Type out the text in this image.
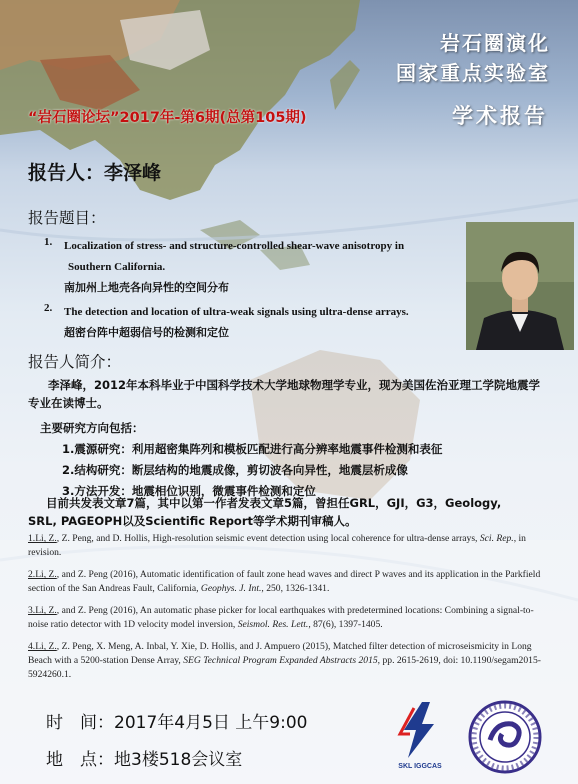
岩石圈演化
国家重点实验室
“岩石圈论坛”2017年-第6期(总第105期)	学术报告
报告人：李泽峰
报告题目：
1.	Localization of stress- and structure-controlled shear-wave anisotropy in
Southern California.
南加州上地壳各向异性的空间分布
2.	The detection and location of ultra-weak signals using ultra-dense arrays.
超密台阵中超弱信号的检测和定位
报告人简介：
李泽峰，2012年本科毕业于中国科学技术大学地球物理学专业，现为美国佐治亚理工学院地震学专业在读博士。
主要研究方向包括：
1.震源研究：利用超密集阵列和模板匹配进行高分辨率地震事件检测和表征
2.结构研究：断层结构的地震成像，剪切波各向异性，地震层析成像
3.方法开发：地震相位识别，微震事件检测和定位
目前共发表文章7篇，其中以第一作者发表文章5篇，曾担任GRL，GJI，G3，Geology,
SRL, PAGEOPH以及Scientific Report等学术期刊审稿人。
1.Li, Z., Z. Peng, and D. Hollis, High-resolution seismic event detection using local coherence for ultra-dense arrays, Sci. Rep., in revision.
2.Li, Z., and Z. Peng (2016), Automatic identification of fault zone head waves and direct P waves and its application in the Parkfield section of the San Andreas Fault, California, Geophys. J. Int., 250, 1326-1341.
3.Li, Z., and Z. Peng (2016), An automatic phase picker for local earthquakes with predetermined locations: Combining a signal-to-noise ratio detector with 1D velocity model inversion, Seismol. Res. Lett., 87(6), 1397-1405.
4.Li, Z., Z. Peng, X. Meng, A. Inbal, Y. Xie, D. Hollis, and J. Ampuero (2015), Matched filter detection of microseismicity in Long Beach with a 5200-station Dense Array, SEG Technical Program Expanded Abstracts 2015, pp. 2615-2619, doi: 10.1190/segam2015-5924260.1.
时　间：2017年4月5日 上午9:00
地　点：地3楼518会议室	SKL IGGCAS
